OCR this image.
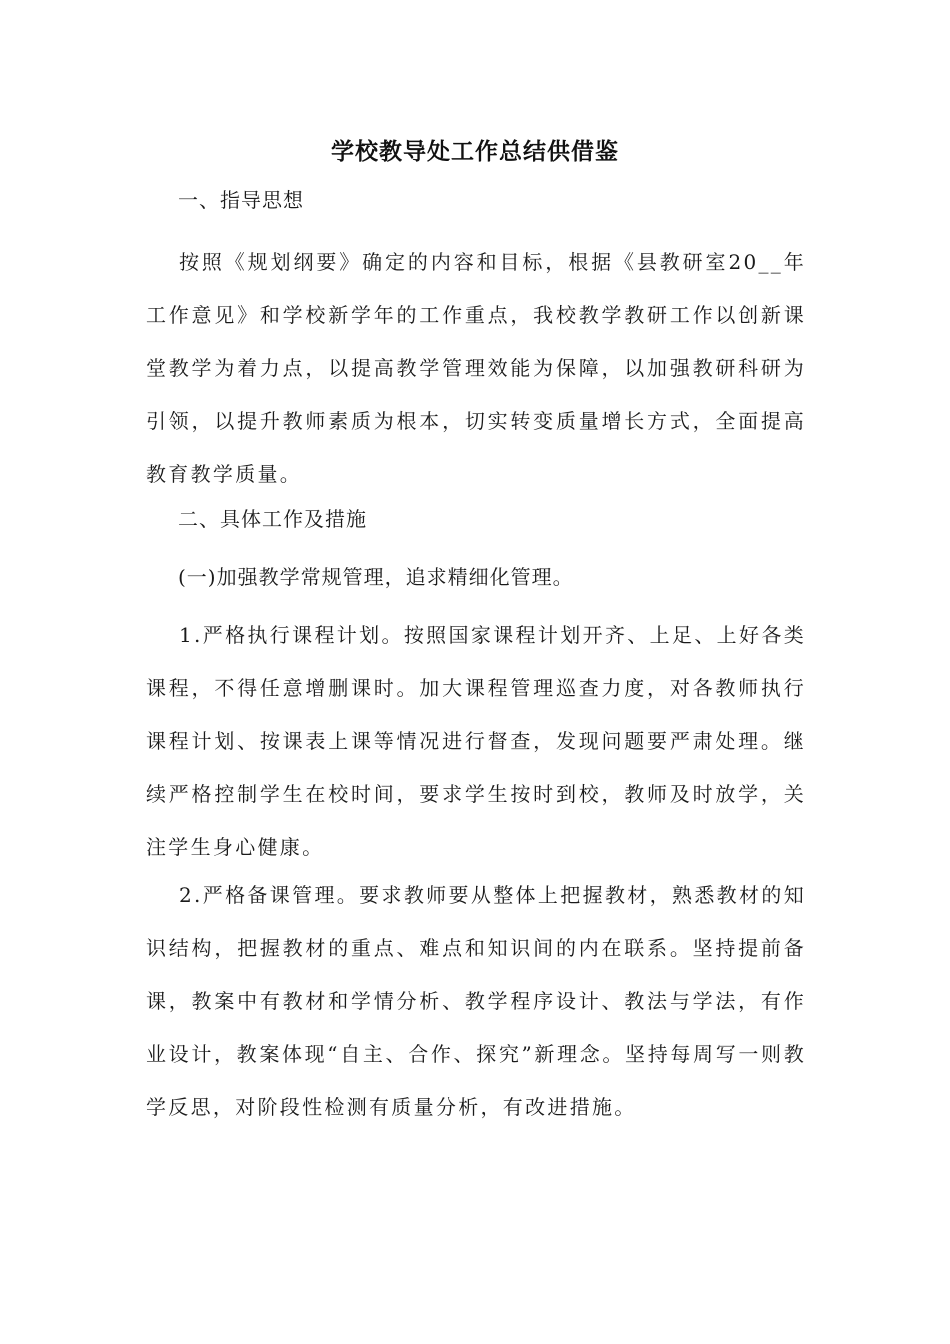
学校教导处工作总结供借鉴
一、指导思想
按照《规划纲要》确定的内容和目标，根据《县教研室20__年工作意见》和学校新学年的工作重点，我校教学教研工作以创新课堂教学为着力点，以提高教学管理效能为保障，以加强教研科研为引领，以提升教师素质为根本，切实转变质量增长方式，全面提高教育教学质量。
二、具体工作及措施
(一)加强教学常规管理，追求精细化管理。
1.严格执行课程计划。按照国家课程计划开齐、上足、上好各类课程，不得任意增删课时。加大课程管理巡查力度，对各教师执行课程计划、按课表上课等情况进行督查，发现问题要严肃处理。继续严格控制学生在校时间，要求学生按时到校，教师及时放学，关注学生身心健康。
2.严格备课管理。要求教师要从整体上把握教材，熟悉教材的知识结构，把握教材的重点、难点和知识间的内在联系。坚持提前备课，教案中有教材和学情分析、教学程序设计、教法与学法，有作业设计，教案体现“自主、合作、探究”新理念。坚持每周写一则教学反思，对阶段性检测有质量分析，有改进措施。
